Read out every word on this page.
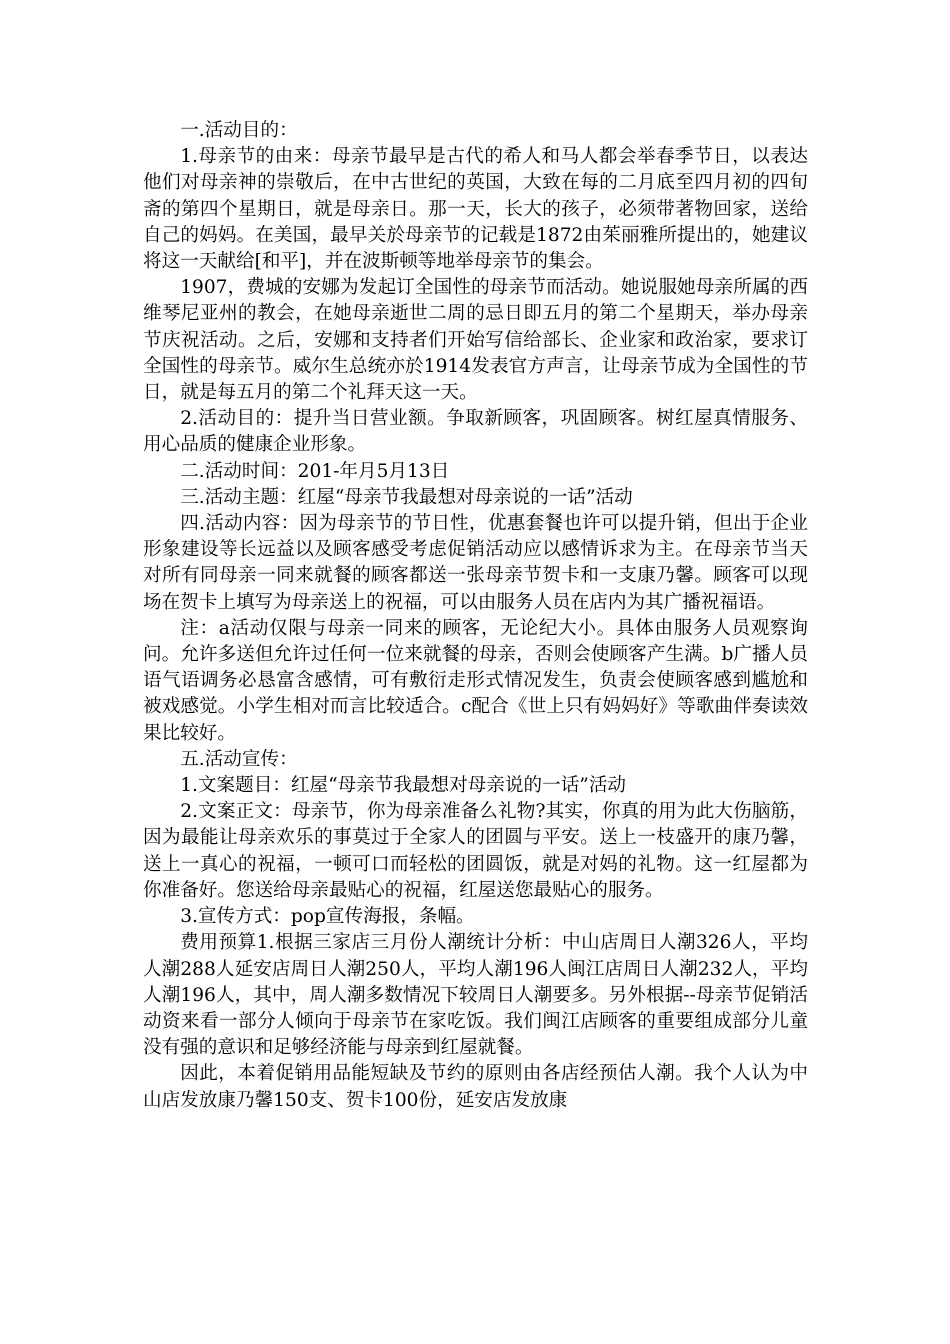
一.活动目的：

1.母亲节的由来：母亲节最早是古代的希人和马人都会举春季节日，以表达他们对母亲神的崇敬后，在中古世纪的英国，大致在每的二月底至四月初的四旬斋的第四个星期日，就是母亲日。那一天，长大的孩子，必须带著物回家，送给自己的妈妈。在美国，最早关於母亲节的记载是1872由茱丽雅所提出的，她建议将这一天献给[和平]，并在波斯顿等地举母亲节的集会。

1907，费城的安娜为发起订全国性的母亲节而活动。她说服她母亲所属的西维琴尼亚州的教会，在她母亲逝世二周的忌日即五月的第二个星期天，举办母亲节庆祝活动。之后，安娜和支持者们开始写信给部长、企业家和政治家，要求订全国性的母亲节。威尔生总统亦於1914发表官方声言，让母亲节成为全国性的节日，就是每五月的第二个礼拜天这一天。

2.活动目的：提升当日营业额。争取新顾客，巩固顾客。树红屋真情服务、用心品质的健康企业形象。

二.活动时间：201-年月5月13日

三.活动主题：红屋“母亲节我最想对母亲说的一话”活动

四.活动内容：因为母亲节的节日性，优惠套餐也许可以提升销，但出于企业形象建设等长远益以及顾客感受考虑促销活动应以感情诉求为主。在母亲节当天对所有同母亲一同来就餐的顾客都送一张母亲节贺卡和一支康乃馨。顾客可以现场在贺卡上填写为母亲送上的祝福，可以由服务人员在店内为其广播祝福语。

注：a活动仅限与母亲一同来的顾客，无论纪大小。具体由服务人员观察询问。允许多送但允许过任何一位来就餐的母亲，否则会使顾客产生满。b广播人员语气语调务必恳富含感情，可有敷衍走形式情况发生，负责会使顾客感到尴尬和被戏感觉。小学生相对而言比较适合。c配合《世上只有妈妈好》等歌曲伴奏读效果比较好。

五.活动宣传：

1.文案题目：红屋“母亲节我最想对母亲说的一话”活动

2.文案正文：母亲节，你为母亲准备么礼物?其实，你真的用为此大伤脑筋，因为最能让母亲欢乐的事莫过于全家人的团圆与平安。送上一枝盛开的康乃馨，送上一真心的祝福，一顿可口而轻松的团圆饭，就是对妈的礼物。这一红屋都为你准备好。您送给母亲最贴心的祝福，红屋送您最贴心的服务。

3.宣传方式：pop宣传海报，条幅。

费用预算1.根据三家店三月份人潮统计分析：中山店周日人潮326人，平均人潮288人延安店周日人潮250人，平均人潮196人闽江店周日人潮232人，平均人潮196人，其中，周人潮多数情况下较周日人潮要多。另外根据--母亲节促销活动资来看一部分人倾向于母亲节在家吃饭。我们闽江店顾客的重要组成部分儿童没有强的意识和足够经济能与母亲到红屋就餐。

因此，本着促销用品能短缺及节约的原则由各店经预估人潮。我个人认为中山店发放康乃馨150支、贺卡100份，延安店发放康
